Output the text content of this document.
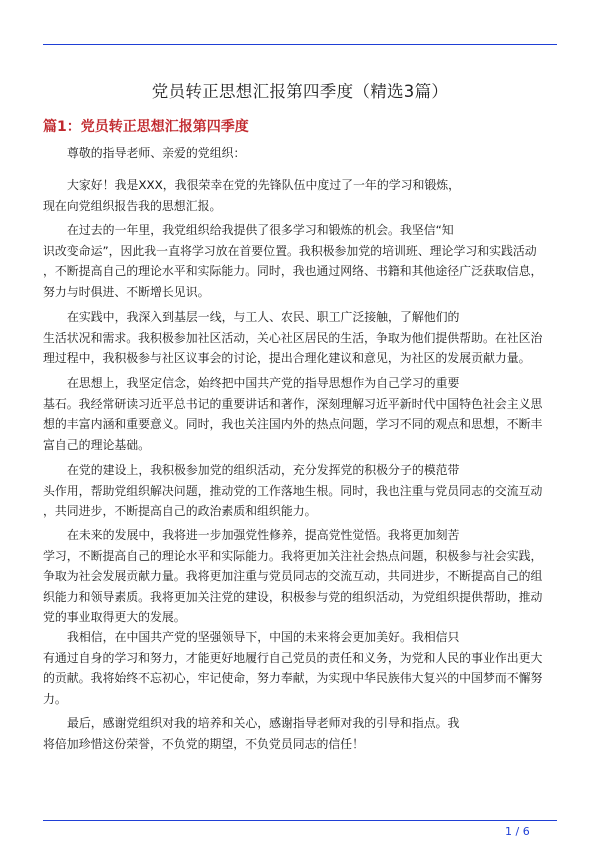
党员转正思想汇报第四季度（精选3篇）
篇1：党员转正思想汇报第四季度
尊敬的指导老师、亲爱的党组织：
大家好！我是XXX，我很荣幸在党的先锋队伍中度过了一年的学习和锻炼，
现在向党组织报告我的思想汇报。
在过去的一年里，我党组织给我提供了很多学习和锻炼的机会。我坚信“知
识改变命运”，因此我一直将学习放在首要位置。我积极参加党的培训班、理论学习和实践活动
，不断提高自己的理论水平和实际能力。同时，我也通过网络、书籍和其他途径广泛获取信息，
努力与时俱进、不断增长见识。
在实践中，我深入到基层一线，与工人、农民、职工广泛接触，了解他们的
生活状况和需求。我积极参加社区活动，关心社区居民的生活，争取为他们提供帮助。在社区治
理过程中，我积极参与社区议事会的讨论，提出合理化建议和意见，为社区的发展贡献力量。
在思想上，我坚定信念，始终把中国共产党的指导思想作为自己学习的重要
基石。我经常研读习近平总书记的重要讲话和著作，深刻理解习近平新时代中国特色社会主义思
想的丰富内涵和重要意义。同时，我也关注国内外的热点问题，学习不同的观点和思想，不断丰
富自己的理论基础。
在党的建设上，我积极参加党的组织活动，充分发挥党的积极分子的模范带
头作用，帮助党组织解决问题，推动党的工作落地生根。同时，我也注重与党员同志的交流互动
，共同进步，不断提高自己的政治素质和组织能力。
在未来的发展中，我将进一步加强党性修养，提高党性觉悟。我将更加刻苦
学习，不断提高自己的理论水平和实际能力。我将更加关注社会热点问题，积极参与社会实践，
争取为社会发展贡献力量。我将更加注重与党员同志的交流互动，共同进步，不断提高自己的组
织能力和领导素质。我将更加关注党的建设，积极参与党的组织活动，为党组织提供帮助，推动
党的事业取得更大的发展。
我相信，在中国共产党的坚强领导下，中国的未来将会更加美好。我相信只
有通过自身的学习和努力，才能更好地履行自己党员的责任和义务，为党和人民的事业作出更大
的贡献。我将始终不忘初心，牢记使命，努力奉献，为实现中华民族伟大复兴的中国梦而不懈努
力。
最后，感谢党组织对我的培养和关心，感谢指导老师对我的引导和指点。我
将倍加珍惜这份荣誉，不负党的期望，不负党员同志的信任！
1 / 6
